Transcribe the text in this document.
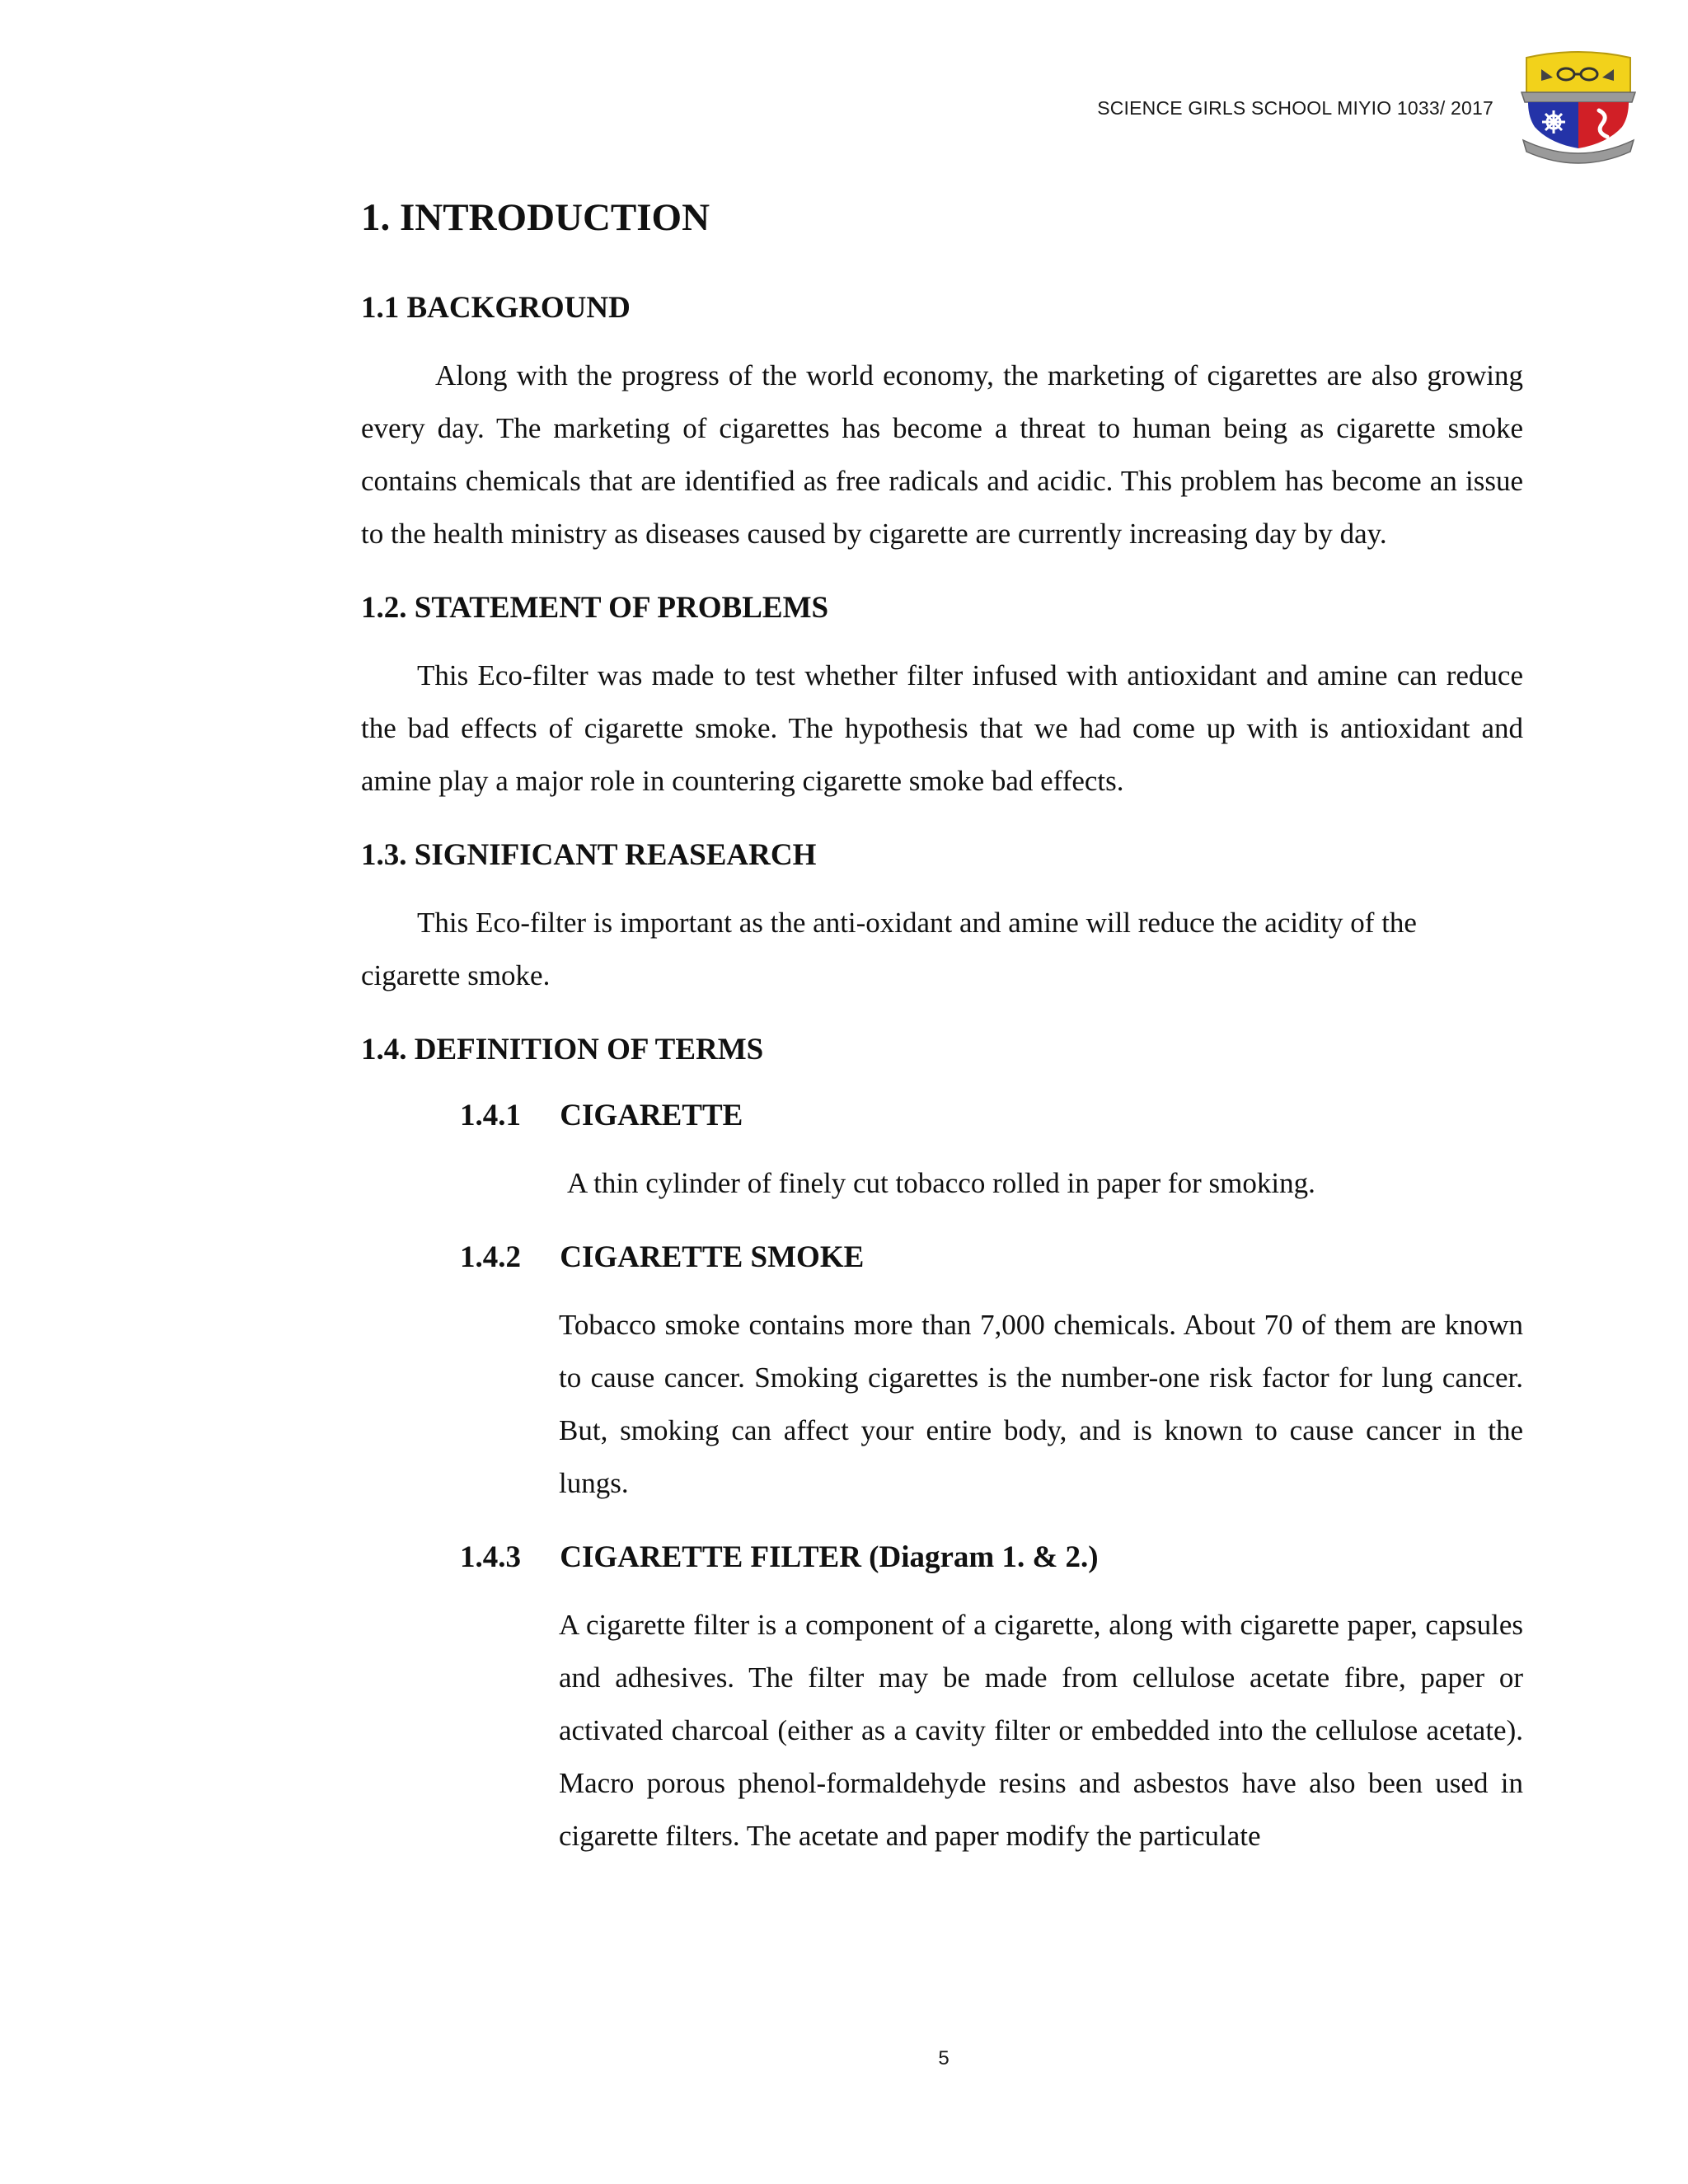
SCIENCE GIRLS SCHOOL MIYIO 1033/ 2017
1. INTRODUCTION
1.1 BACKGROUND

Along with the progress of the world economy, the marketing of cigarettes are also growing every day. The marketing of cigarettes has become a threat to human being as cigarette smoke contains chemicals that are identified as free radicals and acidic. This problem has become an issue to the health ministry as diseases caused by cigarette are currently increasing day by day.

1.2. STATEMENT OF PROBLEMS

This Eco-filter was made to test whether filter infused with antioxidant and amine can reduce the bad effects of cigarette smoke. The hypothesis that we had come up with is antioxidant and amine play a major role in countering cigarette smoke bad effects.

1.3. SIGNIFICANT REASEARCH

This Eco-filter is important as the anti-oxidant and amine will reduce the acidity of the cigarette smoke.

1.4. DEFINITION OF TERMS
1.4.1 CIGARETTE

A thin cylinder of finely cut tobacco rolled in paper for smoking.

1.4.2 CIGARETTE SMOKE

Tobacco smoke contains more than 7,000 chemicals. About 70 of them are known to cause cancer. Smoking cigarettes is the number-one risk factor for lung cancer. But, smoking can affect your entire body, and is known to cause cancer in the lungs.

1.4.3 CIGARETTE FILTER (Diagram 1. & 2.)

A cigarette filter is a component of a cigarette, along with cigarette paper, capsules and adhesives. The filter may be made from cellulose acetate fibre, paper or activated charcoal (either as a cavity filter or embedded into the cellulose acetate). Macro porous phenol-formaldehyde resins and asbestos have also been used in cigarette filters. The acetate and paper modify the particulate

5
